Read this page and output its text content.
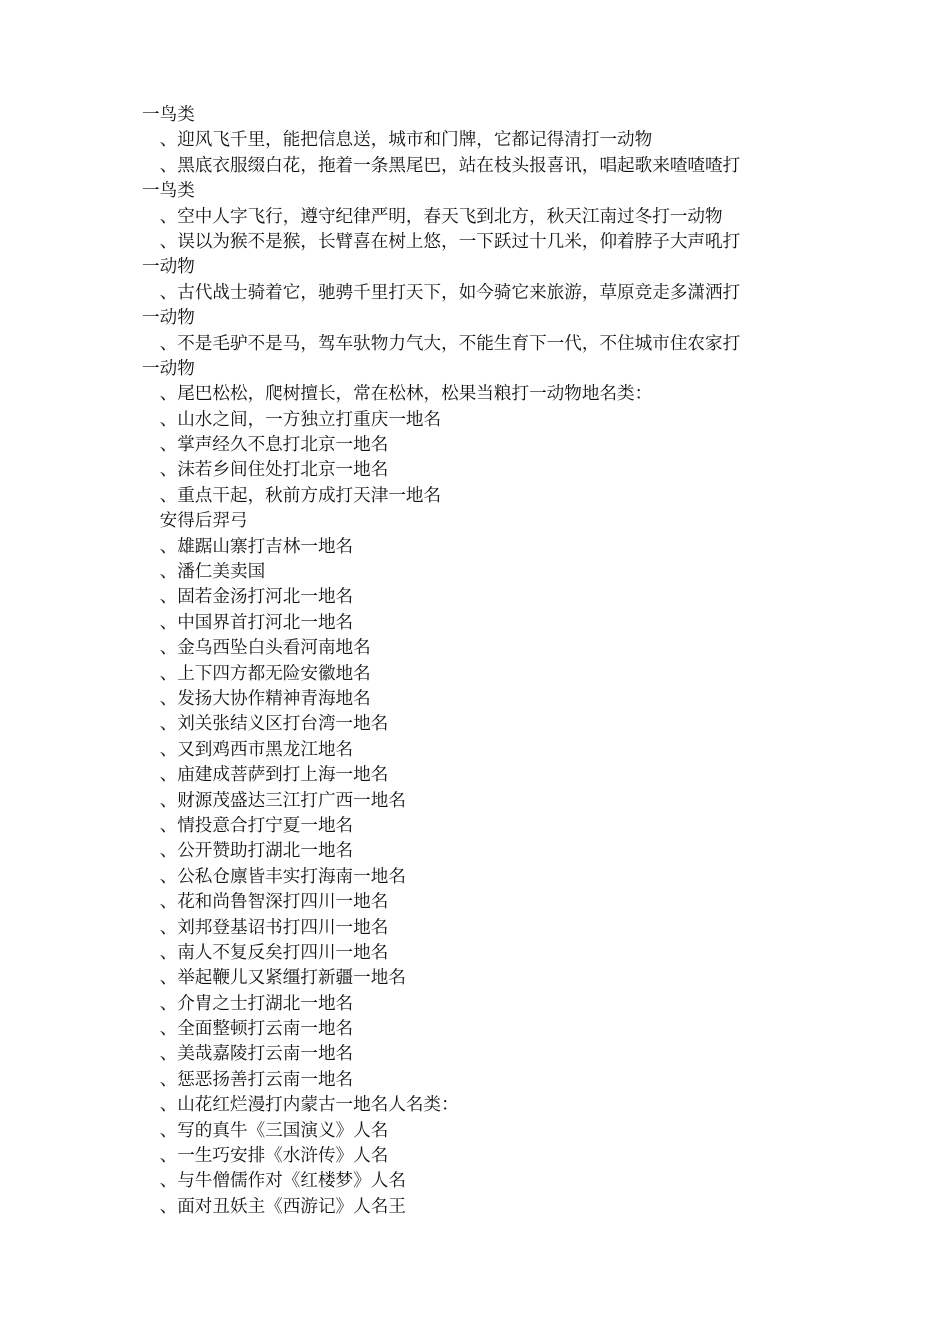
一鸟类

　、迎风飞千里，能把信息送，城市和门牌，它都记得清打一动物

　、黑底衣服缀白花，拖着一条黑尾巴，站在枝头报喜讯，唱起歌来喳喳喳打

一鸟类

　、空中人字飞行，遵守纪律严明，春天飞到北方，秋天江南过冬打一动物

　、误以为猴不是猴，长臂喜在树上悠，一下跃过十几米，仰着脖子大声吼打

一动物

　、古代战士骑着它，驰骋千里打天下，如今骑它来旅游，草原竞走多潇洒打

一动物

　、不是毛驴不是马，驾车驮物力气大，不能生育下一代，不住城市住农家打

一动物

　、尾巴松松，爬树擅长，常在松林，松果当粮打一动物地名类：

　、山水之间，一方独立打重庆一地名

　、掌声经久不息打北京一地名

　、沫若乡间住处打北京一地名

　、重点干起，秋前方成打天津一地名

　安得后羿弓

　、雄踞山寨打吉林一地名

　、潘仁美卖国

　、固若金汤打河北一地名

　、中国界首打河北一地名

　、金乌西坠白头看河南地名

　、上下四方都无险安徽地名

　、发扬大协作精神青海地名

　、刘关张结义区打台湾一地名

　、又到鸡西市黑龙江地名

　、庙建成菩萨到打上海一地名

　、财源茂盛达三江打广西一地名

　、情投意合打宁夏一地名

　、公开赞助打湖北一地名

　、公私仓廪皆丰实打海南一地名

　、花和尚鲁智深打四川一地名

　、刘邦登基诏书打四川一地名

　、南人不复反矣打四川一地名

　、举起鞭儿又紧缰打新疆一地名

　、介胄之士打湖北一地名

　、全面整顿打云南一地名

　、美哉嘉陵打云南一地名

　、惩恶扬善打云南一地名

　、山花红烂漫打内蒙古一地名人名类：

　、写的真牛《三国演义》人名

　、一生巧安排《水浒传》人名

　、与牛僧儒作对《红楼梦》人名

　、面对丑妖主《西游记》人名王
